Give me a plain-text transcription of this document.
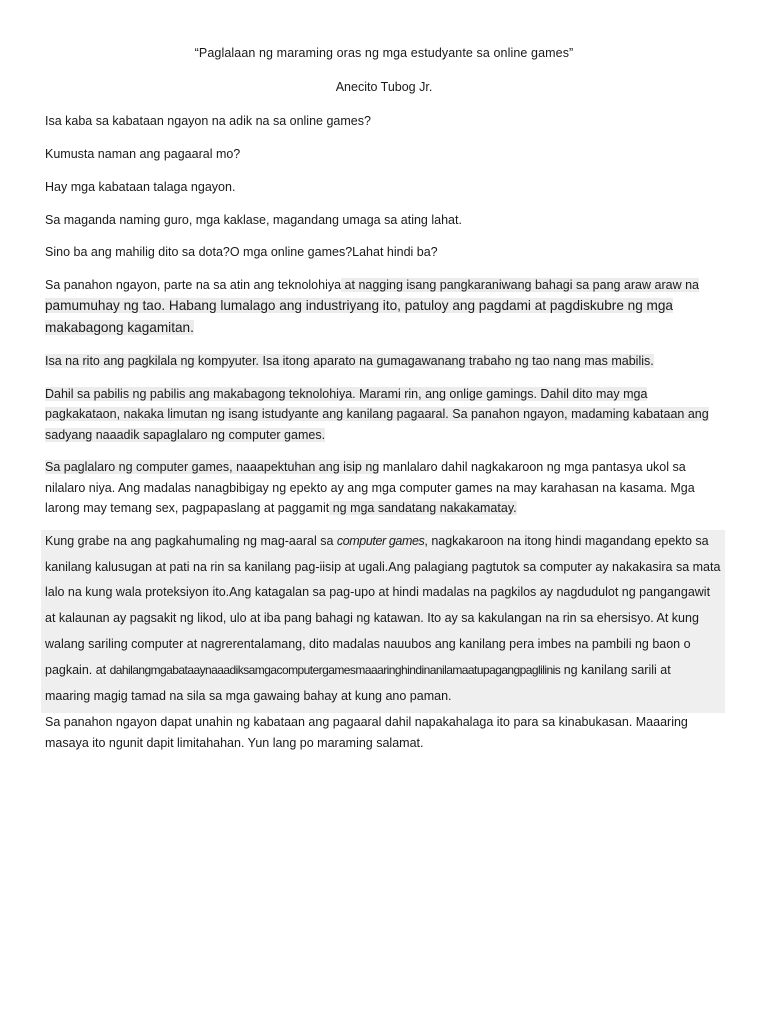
“Paglalaan ng maraming oras ng mga estudyante sa online games”
Anecito Tubog Jr.
Isa kaba sa kabataan ngayon na adik na sa online games?
Kumusta naman ang pagaaral mo?
Hay mga kabataan talaga ngayon.
Sa maganda naming guro, mga kaklase, magandang umaga sa ating lahat.
Sino ba ang mahilig dito sa dota?O mga online games?Lahat hindi ba?
Sa panahon ngayon, parte na sa atin ang teknolohiya at nagging isang pangkaraniwang bahagi sa pang araw araw na
pamumuhay ng tao. Habang lumalago ang industriyang ito, patuloy ang pagdami at pagdiskubre ng mga
makabagong kagamitan.
Isa na rito ang pagkilala ng kompyuter. Isa itong aparato na gumagawanang trabaho ng tao nang mas mabilis.
Dahil sa pabilis ng pabilis ang makabagong teknolohiya. Marami rin, ang onlige gamings. Dahil dito may mga
pagkakataon, nakaka limutan ng isang istudyante ang kanilang pagaaral. Sa panahon ngayon, madaming kabataan ang
sadyang naaadik sapaglalaro ng computer games.
Sa paglalaro ng computer games, naaapektuhan ang isip ng manlalaro dahil nagkakaroon ng mga pantasya ukol sa
nilalaro niya. Ang madalas nanagbibigay ng epekto ay ang mga computer games na may karahasan na kasama. Mga
larong may temang sex, pagpapaslang at paggamit ng mga sandatang nakakamatay.
Kung grabe na ang pagkahumaling ng mag-aaral sa computer games, nagkakaroon na itong hindi magandang epekto sa
kanilang kalusugan at pati na rin sa kanilang pag-iisip at ugali.Ang palagiang pagtutok sa computer ay nakakasira sa mata
lalo na kung wala proteksiyon ito.Ang katagalan sa pag-upo at hindi madalas na pagkilos ay nagdudulot ng pangangawit
at kalaunan ay pagsakit ng likod, ulo at iba pang bahagi ng katawan. Ito ay sa kakulangan na rin sa ehersisyo. At kung
walang sariling computer at nagrerentalamang, dito madalas nauubos ang kanilang pera imbes na pambili ng baon o
pagkain. at dahilangmgabataaynaaadiksamgacomputergamesmaaaringhindinanilamaatupagangpaglilinis ng kanilang sarili at
maaring magig tamad na sila sa mga gawaing bahay at kung ano paman.
Sa panahon ngayon dapat unahin ng kabataan ang pagaaral dahil napakahalaga ito para sa kinabukasan. Maaaring
masaya ito ngunit dapit limitahahan. Yun lang po maraming salamat.
